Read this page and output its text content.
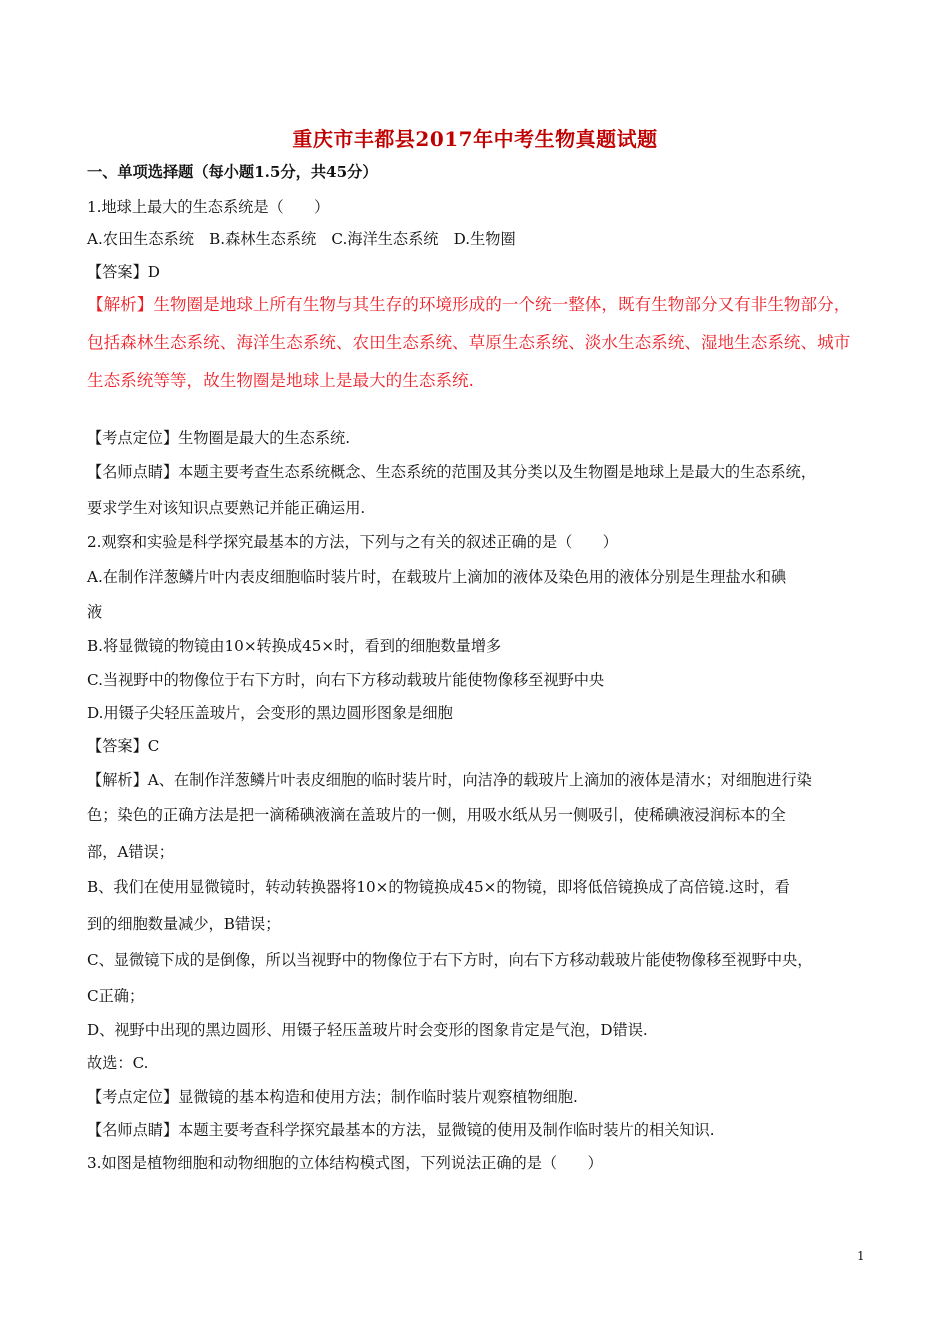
重庆市丰都县2017年中考生物真题试题
一、单项选择题（每小题1.5分，共45分）
1.地球上最大的生态系统是（　　）
A.农田生态系统　B.森林生态系统　C.海洋生态系统　D.生物圈
【答案】D
【解析】生物圈是地球上所有生物与其生存的环境形成的一个统一整体，既有生物部分又有非生物部分，
包括森林生态系统、海洋生态系统、农田生态系统、草原生态系统、淡水生态系统、湿地生态系统、城市
生态系统等等，故生物圈是地球上是最大的生态系统.
【考点定位】生物圈是最大的生态系统.
【名师点睛】本题主要考查生态系统概念、生态系统的范围及其分类以及生物圈是地球上是最大的生态系统，
要求学生对该知识点要熟记并能正确运用.
2.观察和实验是科学探究最基本的方法，下列与之有关的叙述正确的是（　　）
A.在制作洋葱鳞片叶内表皮细胞临时装片时，在载玻片上滴加的液体及染色用的液体分别是生理盐水和碘
液
B.将显微镜的物镜由10×转换成45×时，看到的细胞数量增多
C.当视野中的物像位于右下方时，向右下方移动载玻片能使物像移至视野中央
D.用镊子尖轻压盖玻片，会变形的黑边圆形图象是细胞
【答案】C
【解析】A、在制作洋葱鳞片叶表皮细胞的临时装片时，向洁净的载玻片上滴加的液体是清水；对细胞进行染
色；染色的正确方法是把一滴稀碘液滴在盖玻片的一侧，用吸水纸从另一侧吸引，使稀碘液浸润标本的全
部，A错误；
B、我们在使用显微镜时，转动转换器将10×的物镜换成45×的物镜，即将低倍镜换成了高倍镜.这时，看
到的细胞数量减少，B错误；
C、显微镜下成的是倒像，所以当视野中的物像位于右下方时，向右下方移动载玻片能使物像移至视野中央，
C正确；
D、视野中出现的黑边圆形、用镊子轻压盖玻片时会变形的图象肯定是气泡，D错误.
故选：C.
【考点定位】显微镜的基本构造和使用方法；制作临时装片观察植物细胞.
【名师点睛】本题主要考查科学探究最基本的方法，显微镜的使用及制作临时装片的相关知识.
3.如图是植物细胞和动物细胞的立体结构模式图，下列说法正确的是（　　）
1
